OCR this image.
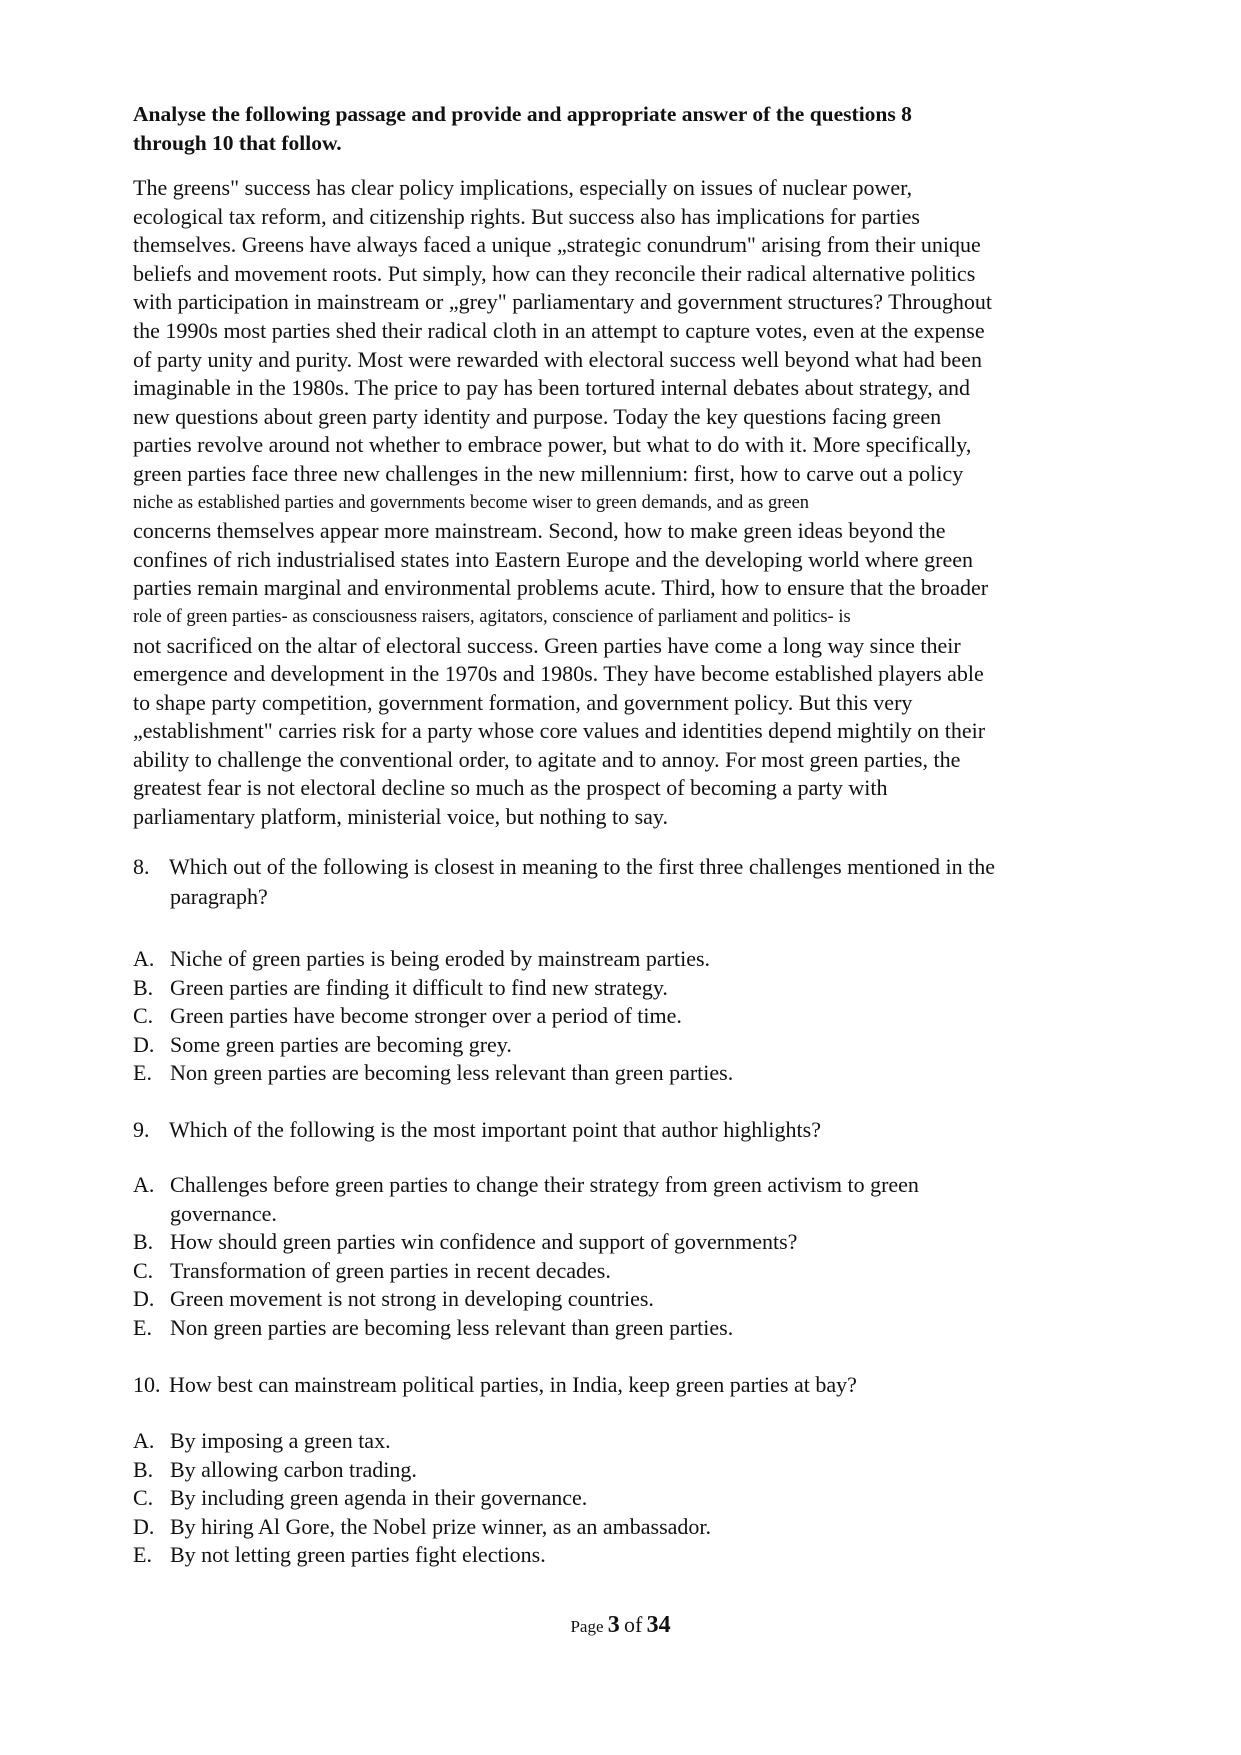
Analyse the following passage and provide and appropriate answer of the questions 8
through 10 that follow.
The greens" success has clear policy implications, especially on issues of nuclear power,
ecological tax reform, and citizenship rights. But success also has implications for parties
themselves. Greens have always faced a unique „strategic conundrum" arising from their unique
beliefs and movement roots. Put simply, how can they reconcile their radical alternative politics
with participation in mainstream or „grey" parliamentary and government structures? Throughout
the 1990s most parties shed their radical cloth in an attempt to capture votes, even at the expense
of party unity and purity. Most were rewarded with electoral success well beyond what had been
imaginable in the 1980s. The price to pay has been tortured internal debates about strategy, and
new questions about green party identity and purpose. Today the key questions facing green
parties revolve around not whether to embrace power, but what to do with it. More specifically,
green parties face three new challenges in the new millennium: first, how to carve out a policy
niche as established parties and governments become wiser to green demands, and as green
concerns themselves appear more mainstream. Second, how to make green ideas beyond the
confines of rich industrialised states into Eastern Europe and the developing world where green
parties remain marginal and environmental problems acute. Third, how to ensure that the broader
role of green parties- as consciousness raisers, agitators, conscience of parliament and politics- is
not sacrificed on the altar of electoral success. Green parties have come a long way since their
emergence and development in the 1970s and 1980s. They have become established players able
to shape party competition, government formation, and government policy. But this very
„establishment" carries risk for a party whose core values and identities depend mightily on their
ability to challenge the conventional order, to agitate and to annoy. For most green parties, the
greatest fear is not electoral decline so much as the prospect of becoming a party with
parliamentary platform, ministerial voice, but nothing to say.
8. Which out of the following is closest in meaning to the first three challenges mentioned in the
paragraph?
A. Niche of green parties is being eroded by mainstream parties.
B. Green parties are finding it difficult to find new strategy.
C. Green parties have become stronger over a period of time.
D. Some green parties are becoming grey.
E. Non green parties are becoming less relevant than green parties.
9. Which of the following is the most important point that author highlights?
A. Challenges before green parties to change their strategy from green activism to green
governance.
B. How should green parties win confidence and support of governments?
C. Transformation of green parties in recent decades.
D. Green movement is not strong in developing countries.
E. Non green parties are becoming less relevant than green parties.
10. How best can mainstream political parties, in India, keep green parties at bay?
A. By imposing a green tax.
B. By allowing carbon trading.
C. By including green agenda in their governance.
D. By hiring Al Gore, the Nobel prize winner, as an ambassador.
E. By not letting green parties fight elections.
Page 3 of 34
